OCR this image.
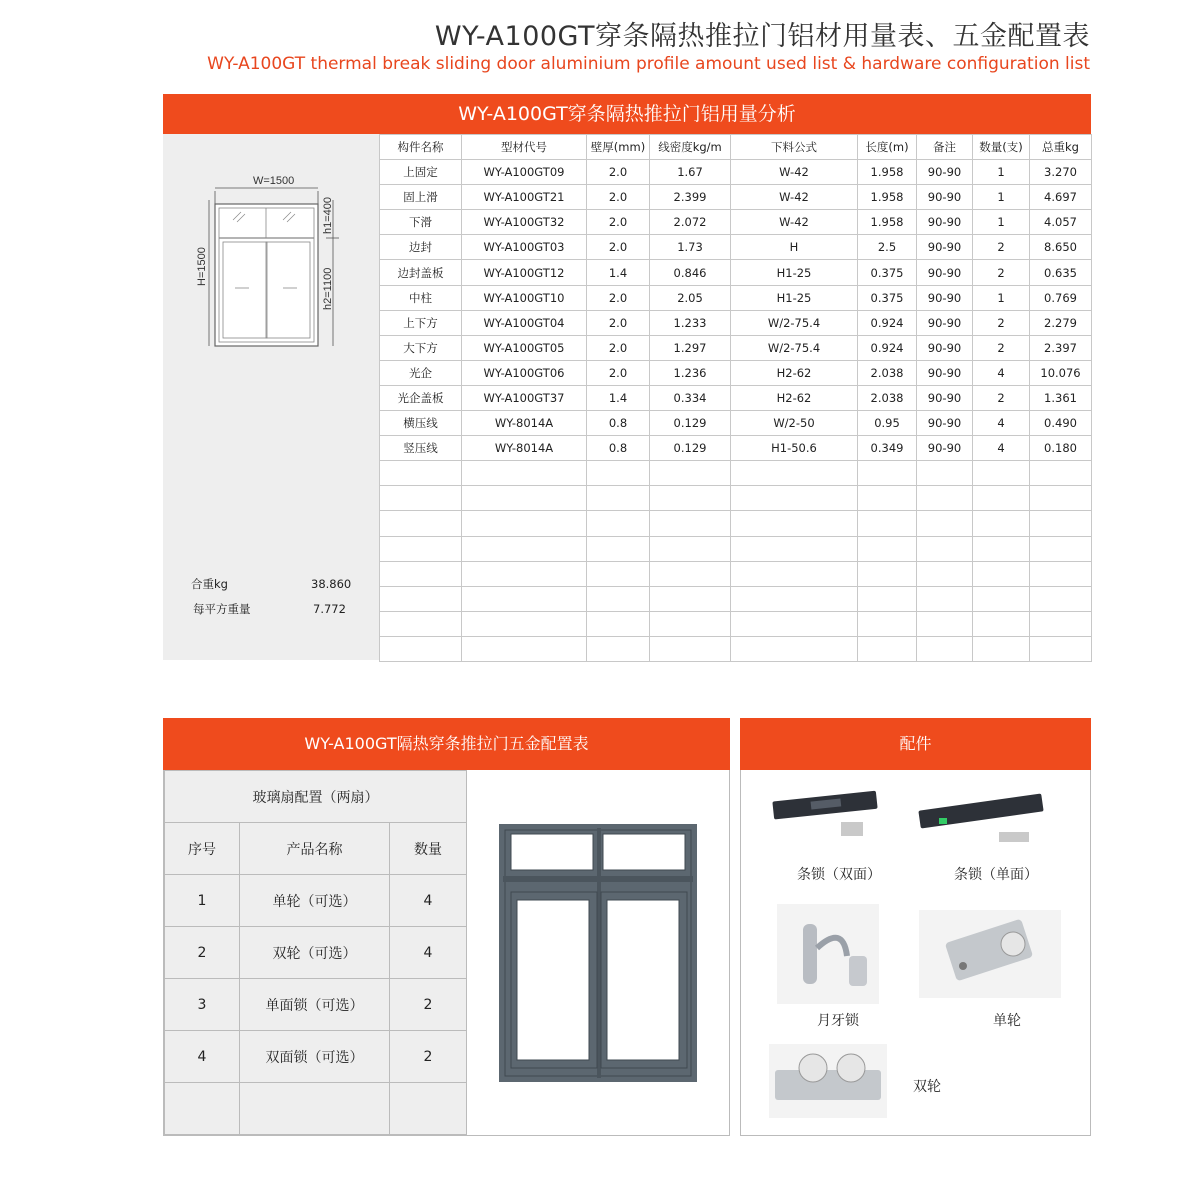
WY-A100GT穿条隔热推拉门铝材用量表、五金配置表
WY-A100GT thermal break sliding door aluminium profile amount used list & hardware configuration list
WY-A100GT穿条隔热推拉门铝用量分析
W=1500
H=1500
h1=400
h2=1100
合重kg	38.860
每平方重量	7.772
构件名称	型材代号	壁厚(mm)	线密度kg/m	下料公式	长度(m)	备注	数量(支)	总重kg
上固定	WY-A100GT09	2.0	1.67	W-42	1.958	90-90	1	3.270
固上滑	WY-A100GT21	2.0	2.399	W-42	1.958	90-90	1	4.697
下滑	WY-A100GT32	2.0	2.072	W-42	1.958	90-90	1	4.057
边封	WY-A100GT03	2.0	1.73	H	2.5	90-90	2	8.650
边封盖板	WY-A100GT12	1.4	0.846	H1-25	0.375	90-90	2	0.635
中柱	WY-A100GT10	2.0	2.05	H1-25	0.375	90-90	1	0.769
上下方	WY-A100GT04	2.0	1.233	W/2-75.4	0.924	90-90	2	2.279
大下方	WY-A100GT05	2.0	1.297	W/2-75.4	0.924	90-90	2	2.397
光企	WY-A100GT06	2.0	1.236	H2-62	2.038	90-90	4	10.076
光企盖板	WY-A100GT37	1.4	0.334	H2-62	2.038	90-90	2	1.361
横压线	WY-8014A	0.8	0.129	W/2-50	0.95	90-90	4	0.490
竖压线	WY-8014A	0.8	0.129	H1-50.6	0.349	90-90	4	0.180

WY-A100GT隔热穿条推拉门五金配置表	配件
玻璃扇配置（两扇）		
序号	产品名称	数量
1	单轮（可选）	4
2	双轮（可选）	4
3	单面锁（可选）	2
4	双面锁（可选）	2

条锁（双面）	条锁（单面）
月牙锁	单轮
双轮
